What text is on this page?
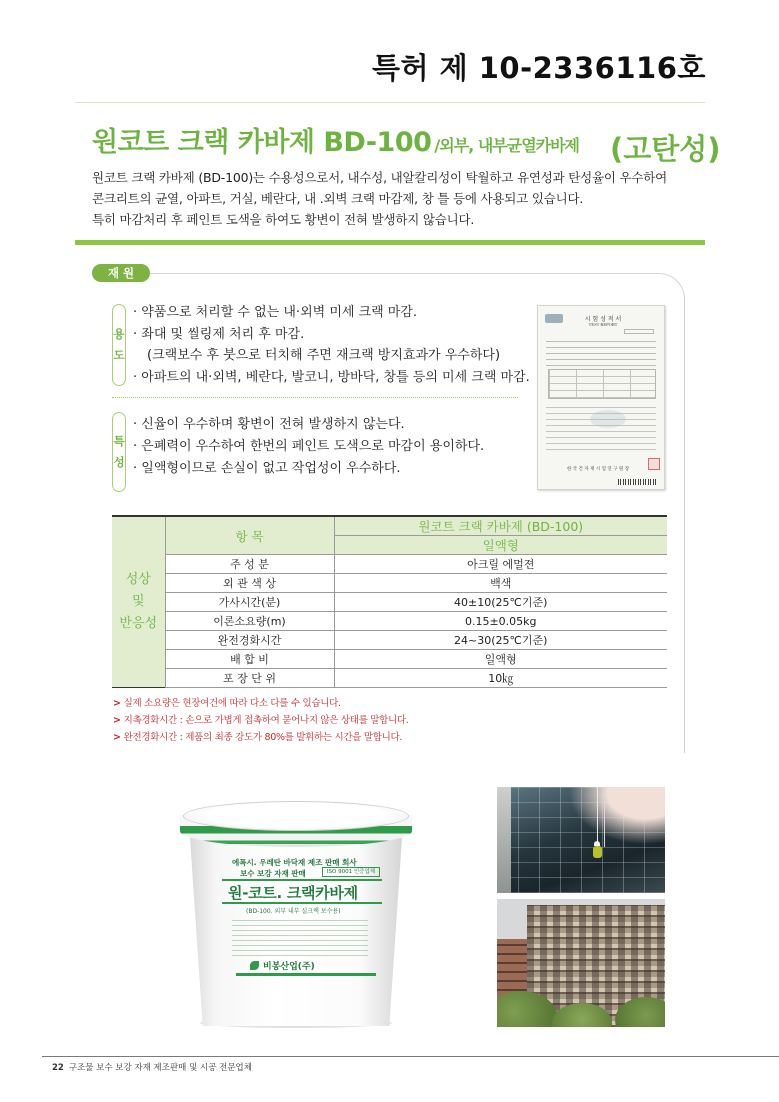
특허 제 10-2336116호
원코트 크랙 카바제 BD-100 /외부, 내부균열카바제 (고탄성)
원코트 크랙 카바제 (BD-100)는 수용성으로서, 내수성, 내알칼리성이 탁월하고 유연성과 탄성율이 우수하여
콘크리트의 균열, 아파트, 거실, 베란다, 내 .외벽 크랙 마감제, 창 틀 등에 사용되고 있습니다.
특히 마감처리 후 페인트 도색을 하여도 황변이 전혀 발생하지 않습니다.
재 원
용
도
· 약품으로 처리할 수 없는 내·외벽 미세 크랙 마감.
· 좌대 및 씰링제 처리 후 마감.
(크랙보수 후 붓으로 터치해 주면 재크랙 방지효과가 우수하다)
· 아파트의 내·외벽, 베란다, 발코니, 방바닥, 창틀 등의 미세 크랙 마감.
특
성
· 신율이 우수하며 황변이 전혀 발생하지 않는다.
· 은폐력이 우수하여 한번의 페인트 도색으로 마감이 용이하다.
· 일액형이므로 손실이 없고 작업성이 우수하다.
시 험 성 적 서
TEST REPORT
한 국 건 자 재 시 험 연 구 원 장
성상
및
반응성	항 목	원코트 크랙 카바제 (BD-100)
		일액형
	주 성 분	아크릴 에멀젼
	외 관 색 상	백색
	가사시간(분)	40±10(25℃기준)
	이론소요량(m)	0.15±0.05kg
	완전경화시간	24~30(25℃기준)
	배 합 비	일액형
	포 장 단 위	10㎏
> 실제 소요량은 현장여건에 따라 다소 다를 수 있습니다.
> 지촉경화시간 : 손으로 가볍게 접촉하여 묻어나지 않은 상태를 말합니다.
> 완전경화시간 : 제품의 최종 강도가 80%를 발휘하는 시간을 말합니다.
에폭시. 우레탄 바닥재 제조 판매 회사
보수 보강 자재 판매	ISO 9001 인증업체
원-코트. 크랙카바제
(BD-100. 외부 내부 실크랙 보수용)
비봉산업(주)
22 구조물 보수 보강 자재 제조판매 및 시공 전문업체
